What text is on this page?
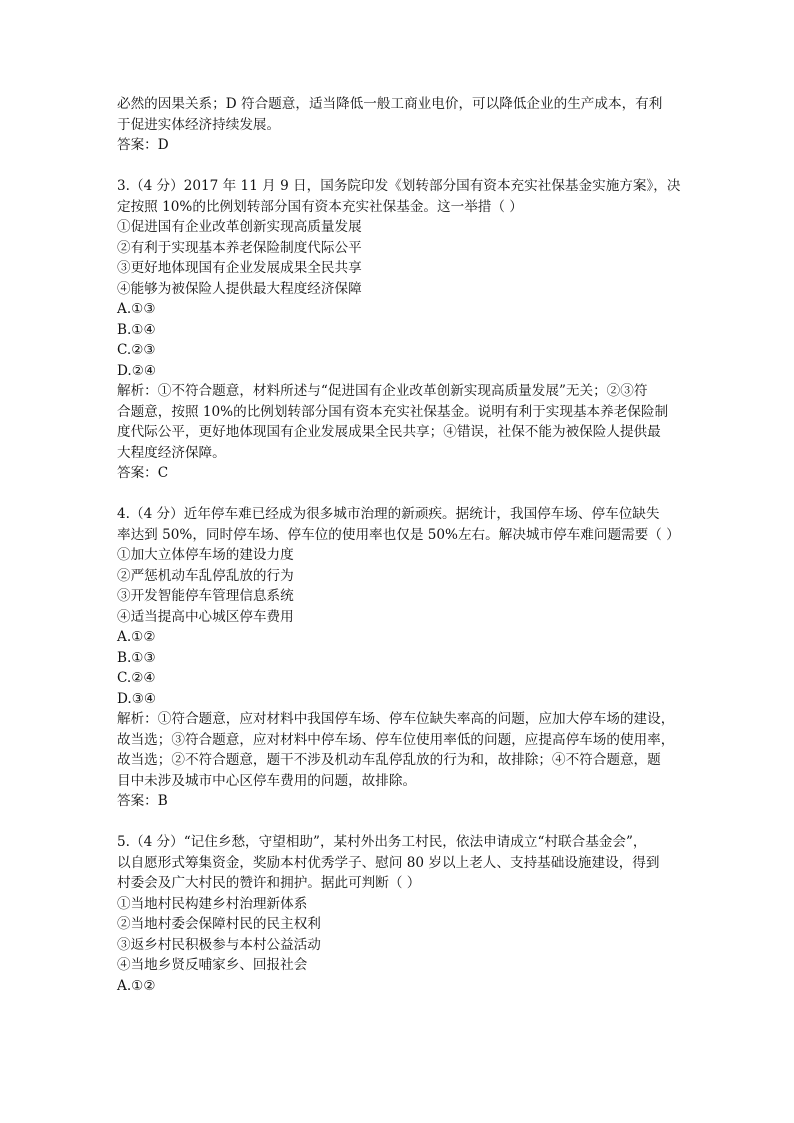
必然的因果关系；D 符合题意，适当降低一般工商业电价，可以降低企业的生产成本，有利
于促进实体经济持续发展。
答案：D
3.（4 分）2017 年 11 月 9 日，国务院印发《划转部分国有资本充实社保基金实施方案》，决
定按照 10%的比例划转部分国有资本充实社保基金。这一举措（ ）
①促进国有企业改革创新实现高质量发展
②有利于实现基本养老保险制度代际公平
③更好地体现国有企业发展成果全民共享
④能够为被保险人提供最大程度经济保障
A.①③
B.①④
C.②③
D.②④
解析：①不符合题意，材料所述与“促进国有企业改革创新实现高质量发展”无关；②③符
合题意，按照 10%的比例划转部分国有资本充实社保基金。说明有利于实现基本养老保险制
度代际公平，更好地体现国有企业发展成果全民共享；④错误，社保不能为被保险人提供最
大程度经济保障。
答案：C
4.（4 分）近年停车难已经成为很多城市治理的新顽疾。据统计，我国停车场、停车位缺失
率达到 50%，同时停车场、停车位的使用率也仅是 50%左右。解决城市停车难问题需要（ ）
①加大立体停车场的建设力度
②严惩机动车乱停乱放的行为
③开发智能停车管理信息系统
④适当提高中心城区停车费用
A.①②
B.①③
C.②④
D.③④
解析：①符合题意，应对材料中我国停车场、停车位缺失率高的问题，应加大停车场的建设，
故当选；③符合题意，应对材料中停车场、停车位使用率低的问题，应提高停车场的使用率，
故当选；②不符合题意，题干不涉及机动车乱停乱放的行为和，故排除；④不符合题意，题
目中未涉及城市中心区停车费用的问题，故排除。
答案：B
5.（4 分）“记住乡愁，守望相助”，某村外出务工村民，依法申请成立“村联合基金会”，
以自愿形式筹集资金，奖励本村优秀学子、慰问 80 岁以上老人、支持基础设施建设，得到
村委会及广大村民的赞许和拥护。据此可判断（ ）
①当地村民构建乡村治理新体系
②当地村委会保障村民的民主权利
③返乡村民积极参与本村公益活动
④当地乡贤反哺家乡、回报社会
A.①②
